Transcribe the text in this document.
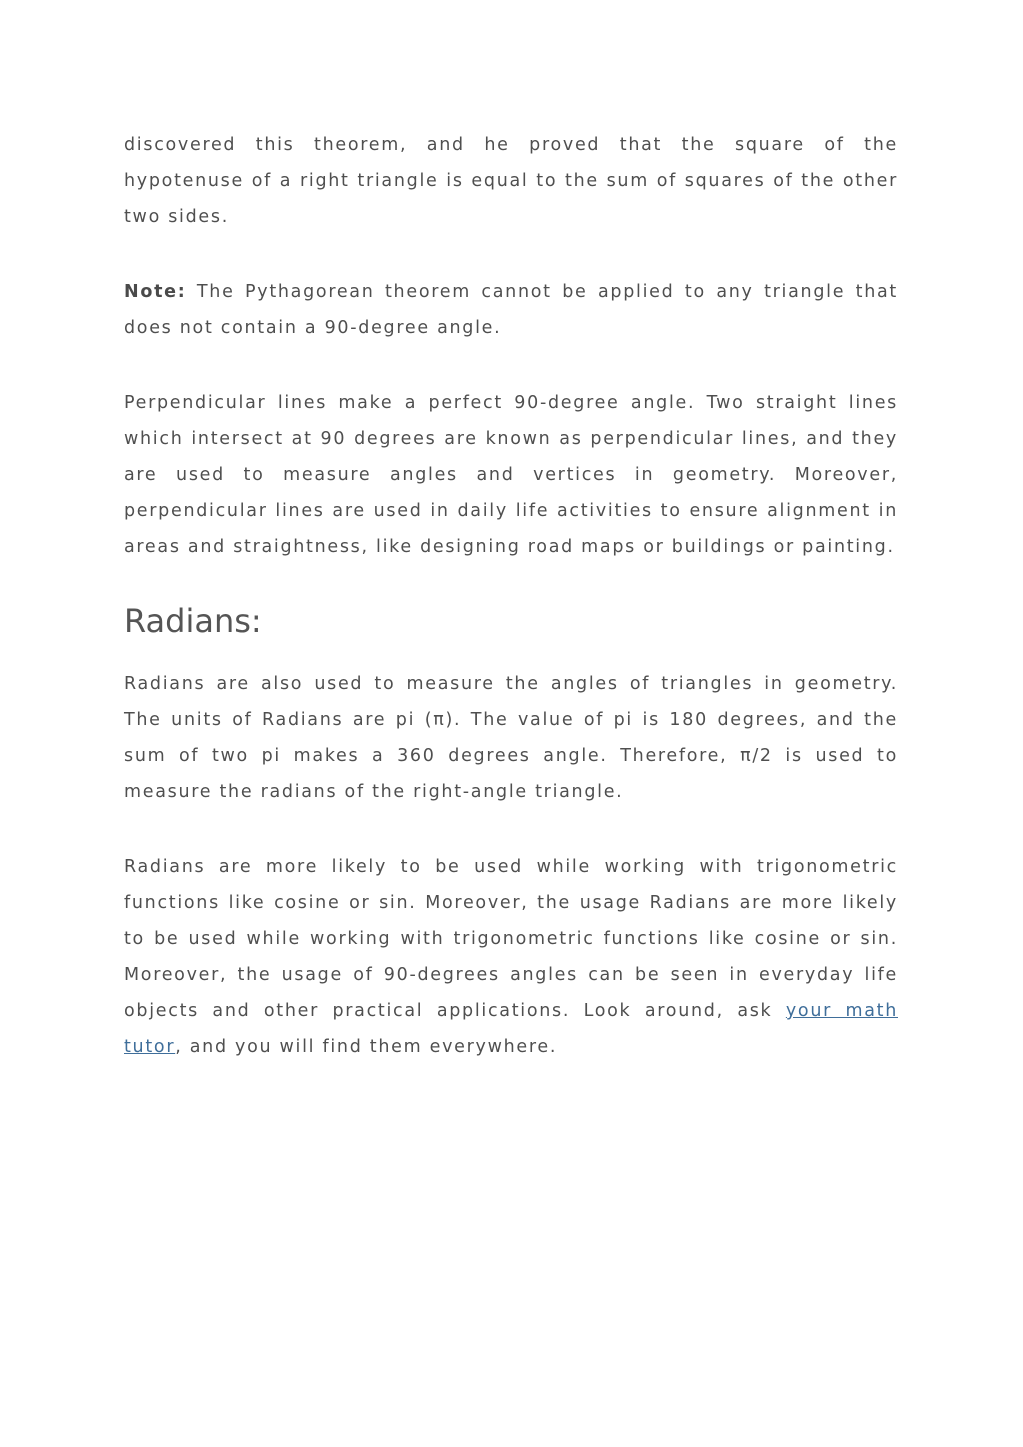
discovered this theorem, and he proved that the square of the hypotenuse of a right triangle is equal to the sum of squares of the other two sides.

Note: The Pythagorean theorem cannot be applied to any triangle that does not contain a 90-degree angle.

Perpendicular lines make a perfect 90-degree angle. Two straight lines which intersect at 90 degrees are known as perpendicular lines, and they are used to measure angles and vertices in geometry. Moreover, perpendicular lines are used in daily life activities to ensure alignment in areas and straightness, like designing road maps or buildings or painting.

Radians:

Radians are also used to measure the angles of triangles in geometry. The units of Radians are pi (π). The value of pi is 180 degrees, and the sum of two pi makes a 360 degrees angle. Therefore, π/2 is used to measure the radians of the right-angle triangle.

Radians are more likely to be used while working with trigonometric functions like cosine or sin. Moreover, the usage Radians are more likely to be used while working with trigonometric functions like cosine or sin. Moreover, the usage of 90-degrees angles can be seen in everyday life objects and other practical applications. Look around, ask your math tutor, and you will find them everywhere.
